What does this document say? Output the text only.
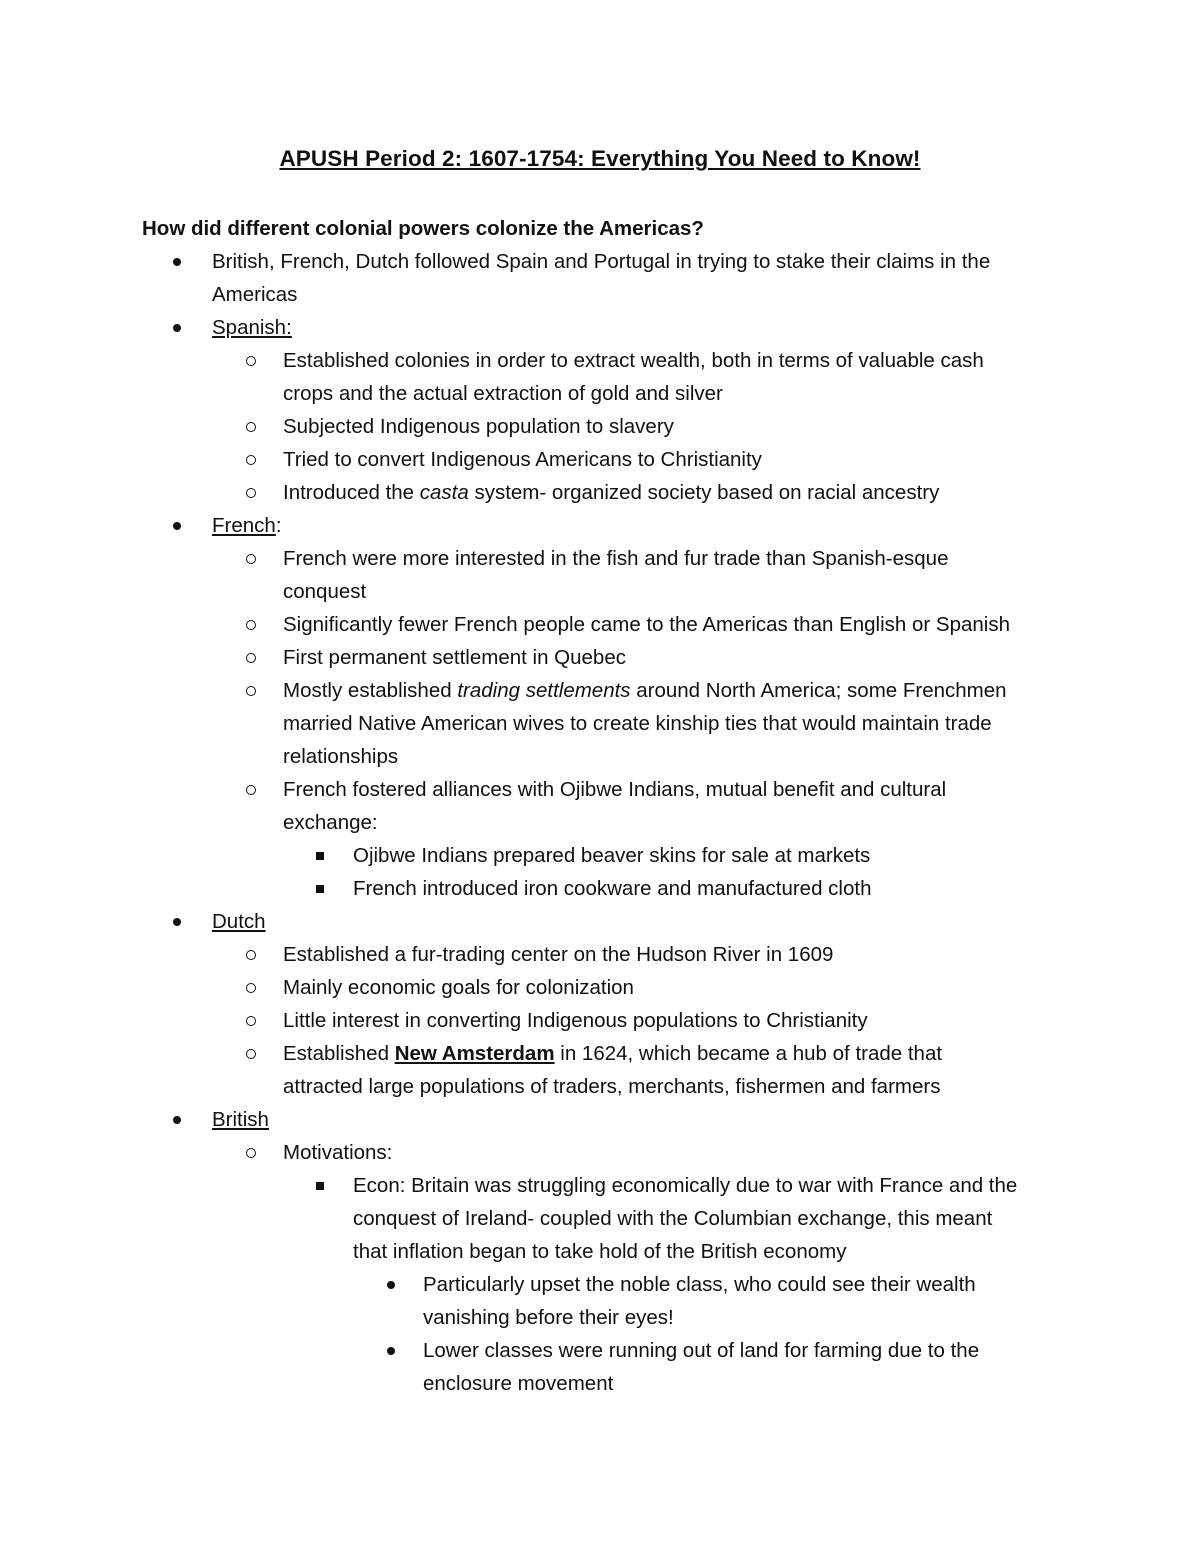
APUSH Period 2: 1607-1754: Everything You Need to Know!
How did different colonial powers colonize the Americas?
British, French, Dutch followed Spain and Portugal in trying to stake their claims in the
Americas
Spanish:
Established colonies in order to extract wealth, both in terms of valuable cash
crops and the actual extraction of gold and silver
Subjected Indigenous population to slavery
Tried to convert Indigenous Americans to Christianity
Introduced the casta system- organized society based on racial ancestry
French:
French were more interested in the fish and fur trade than Spanish-esque
conquest
Significantly fewer French people came to the Americas than English or Spanish
First permanent settlement in Quebec
Mostly established trading settlements around North America; some Frenchmen
married Native American wives to create kinship ties that would maintain trade
relationships
French fostered alliances with Ojibwe Indians, mutual benefit and cultural
exchange:
Ojibwe Indians prepared beaver skins for sale at markets
French introduced iron cookware and manufactured cloth
Dutch
Established a fur-trading center on the Hudson River in 1609
Mainly economic goals for colonization
Little interest in converting Indigenous populations to Christianity
Established New Amsterdam in 1624, which became a hub of trade that
attracted large populations of traders, merchants, fishermen and farmers
British
Motivations:
Econ: Britain was struggling economically due to war with France and the
conquest of Ireland- coupled with the Columbian exchange, this meant
that inflation began to take hold of the British economy
Particularly upset the noble class, who could see their wealth
vanishing before their eyes!
Lower classes were running out of land for farming due to the
enclosure movement
